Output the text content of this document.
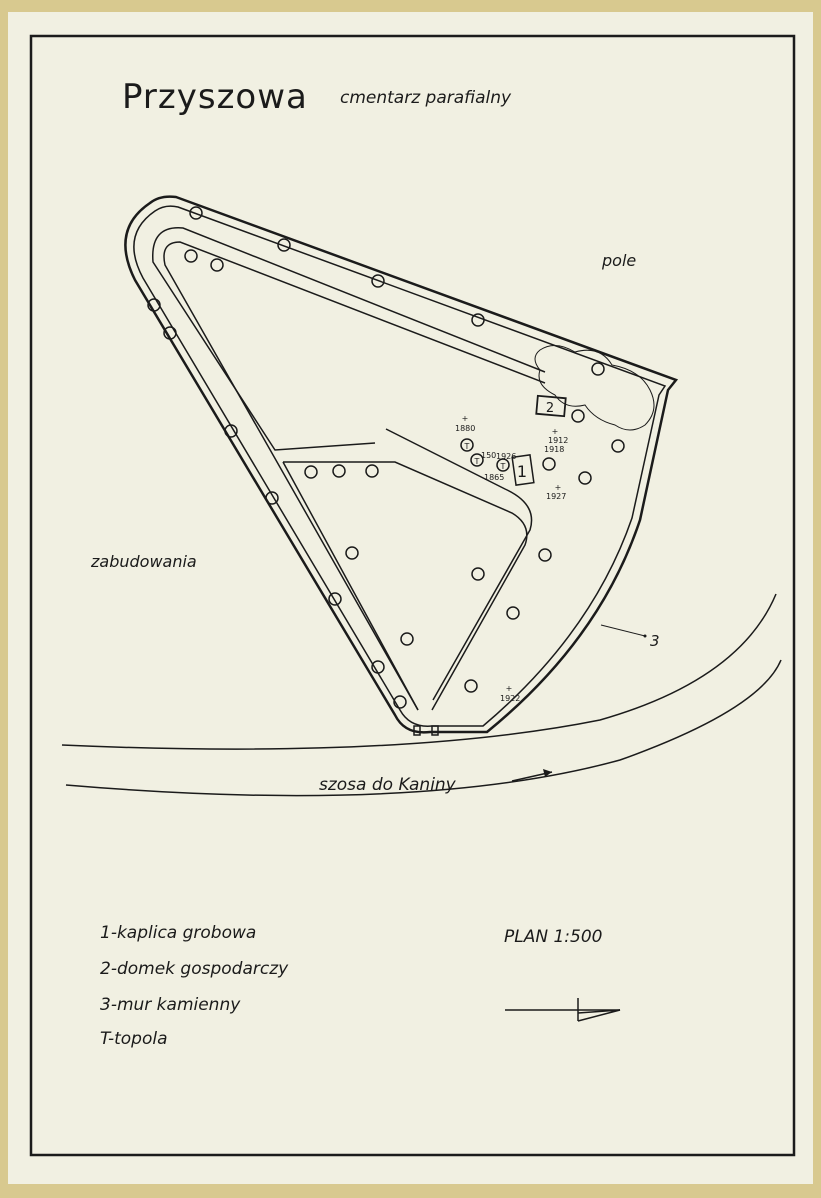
Przyszowa cmentarz parafialny
T
T
T 1
2
+
1880
1926
+
1912
1918
+
1927
+
1922
150
1865
szosa do Kaniny
pole
zabudowania
3
1-kaplica grobowa
2-domek gospodarczy
3-mur kamienny
T-topola
PLAN 1:500
